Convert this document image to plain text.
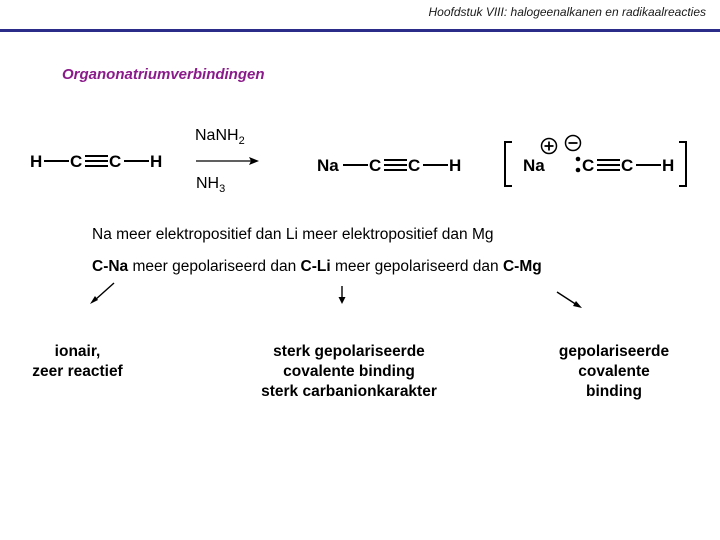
Hoofdstuk VIII: halogeenalkanen en radikaalreacties
Organonatriumverbindingen
H C C H
NaNH$_2$
$NH_3$
Na C C H	Na C C H
Na meer elektropositief dan Li meer elektropositief dan Mg
C-Na meer gepolariseerd dan C-Li meer gepolariseerd dan C-Mg
ionair,
zeer reactief
sterk gepolariseerde
covalente binding
sterk carbanionkarakter
gepolariseerde
covalente
binding
